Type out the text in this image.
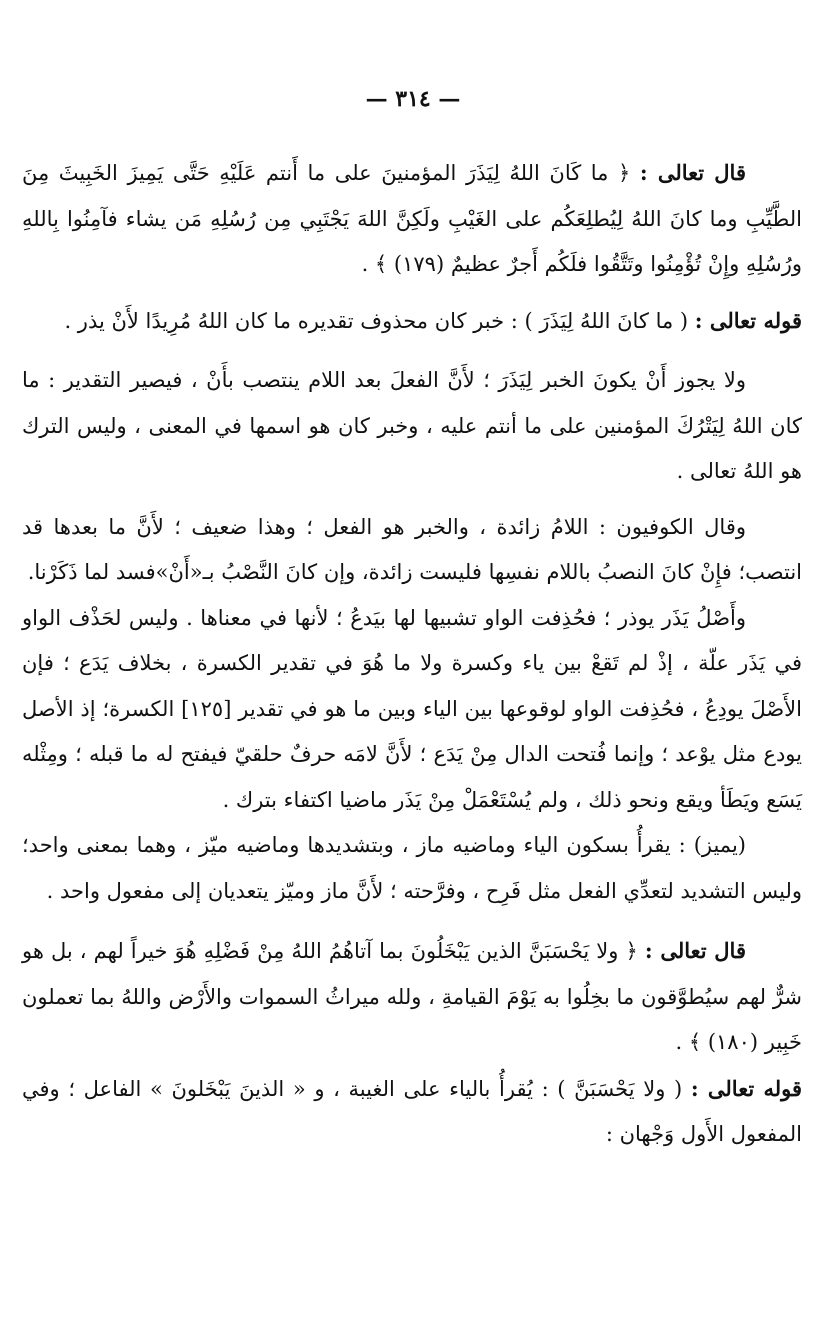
— ٣١٤ —

قال تعالى : ﴿ ما كَانَ اللهُ لِيَذَرَ المؤمنينَ على ما أَنتم عَلَيْهِ حَتَّى يَمِيزَ الخَبِيثَ مِنَ الطَّيِّبِ وما كانَ اللهُ لِيُطلِعَكُم على الغَيْبِ ولَكِنَّ اللهَ يَجْتَبِي مِن رُسُلِهِ مَن يشاء فآمِنُوا بِاللهِ ورُسُلِهِ وإِنْ تُؤْمِنُوا وتَتَّقُوا فلَكُم أَجرٌ عظيمٌ (١٧٩) ﴾ .

قوله تعالى : ( ما كانَ اللهُ لِيَذَرَ ) : خبر كان محذوف تقديره ما كان اللهُ مُرِيدًا لأَنْ يذر .

ولا يجوز أَنْ يكونَ الخبر لِيَذَرَ ؛ لأَنَّ الفعلَ بعد اللام ينتصب بأَنْ ، فيصير التقدير : ما كان اللهُ لِيَتْرُكَ المؤمنين على ما أنتم عليه ، وخبر كان هو اسمها في المعنى ، وليس الترك هو اللهُ تعالى .

وقال الكوفيون : اللامُ زائدة ، والخبر هو الفعل ؛ وهذا ضعيف ؛ لأَنَّ ما بعدها قد انتصب؛ فإِنْ كانَ النصبُ باللام نفسِها فليست زائدة، وإن كانَ النَّصْبُ بـ«أَنْ»فسد لما ذَكَرْنا.

وأَصْلُ يَذَر يوذر ؛ فحُذِفت الواو تشبيها لها بيَدعُ ؛ لأنها في معناها . وليس لحَذْف الواو في يَذَر علّة ، إذْ لم تَقعْ بين ياء وكسرة ولا ما هُوَ في تقدير الكسرة ، بخلاف يَدَع ؛ فإن الأَصْلَ يودِعُ ، فحُذِفت الواو لوقوعها بين الياء وبين ما هو في تقدير [١٢٥] الكسرة؛ إذ الأصل يودع مثل يوْعد ؛ وإنما فُتحت الدال مِنْ يَدَع ؛ لأَنَّ لامَه حرفٌ حلقيّ فيفتح له ما قبله ؛ ومِثْله يَسَع ويَطَأ ويقع ونحو ذلك ، ولم يُسْتَعْمَلْ مِنْ يَذَر ماضيا اكتفاء بترك .

(يميز) : يقرأُ بسكون الياء وماضيه ماز ، وبتشديدها وماضيه ميّز ، وهما بمعنى واحد؛ وليس التشديد لتعدِّي الفعل مثل فَرِح ، وفرَّحته ؛ لأَنَّ ماز وميّز يتعديان إلى مفعول واحد .

قال تعالى : ﴿ ولا يَحْسَبَنَّ الذين يَبْخَلُونَ بما آتاهُمُ اللهُ مِنْ فَضْلِهِ هُوَ خيراً لهم ، بل هو شرٌّ لهم سيُطوَّقون ما بخِلُوا به يَوْمَ القيامةِ ، ولله ميراثُ السموات والأَرْض واللهُ بما تعملون خَبِير (١٨٠) ﴾ .

قوله تعالى : ( ولا يَحْسَبَنَّ ) : يُقرأُ بالياء على الغيبة ، و « الذينَ يَبْخَلونَ » الفاعل ؛ وفي المفعول الأَول وَجْهان :
